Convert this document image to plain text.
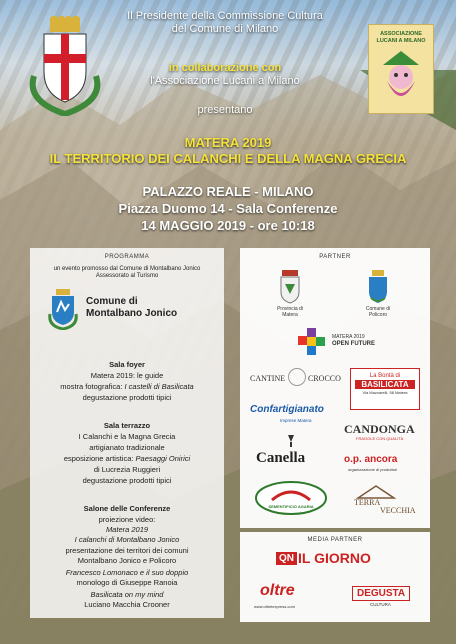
ASSOCIAZIONE
LUCANI A MILANO
Il Presidente della Commissione Cultura
del Comune di Milano
in collaborazione con
l'Associazione Lucani a Milano
presentano
MATERA 2019
IL TERRITORIO DEI CALANCHI E DELLA MAGNA GRECIA
PALAZZO REALE - MILANO
Piazza Duomo 14 - Sala Conferenze
14 MAGGIO 2019 - ore 10:18
PROGRAMMA
un evento promosso dal Comune di Montalbano Jonico
Assessorato al Turismo
Comune di
Montalbano Jonico
Sala foyer
Matera 2019: le guide
mostra fotografica: I castelli di Basilicata
degustazione prodotti tipici
Sala terrazzo
I Calanchi e la Magna Grecia
artigianato tradizionale
esposizione artistica: Paesaggi Onirici
di Lucrezia Ruggieri
degustazione prodotti tipici
Salone delle Conferenze
proiezione video:
Matera 2019
I calanchi di Montalbano Jonico
presentazione dei territori dei comuni
Montalbano Jonico e Policoro
Francesco Lomonaco e il suo doppio
monologo di Giuseppe Ranoia
Basilicata on my mind
Luciano Macchia Crooner
PARTNER
Provincia di
Matera
Comune di
Policoro
MATERA 2019
OPEN FUTURE
CANTINE	CROCCO	La Bontà di
BASILICATA
Via Mazzarelli, 58 Matera
Confartigianato
Imprese Matera
CANDONGA
FRAGOLE CON QUALITÀ
Canella	o.p. ancora
organizzazione di produttori
SEMENTIFICIO AGARIA	TERRA
VECCHIA
MEDIA PARTNER
QN IL GIORNO
oltre
www.oltrelexpress.com
DEGUSTA
CULTURA
